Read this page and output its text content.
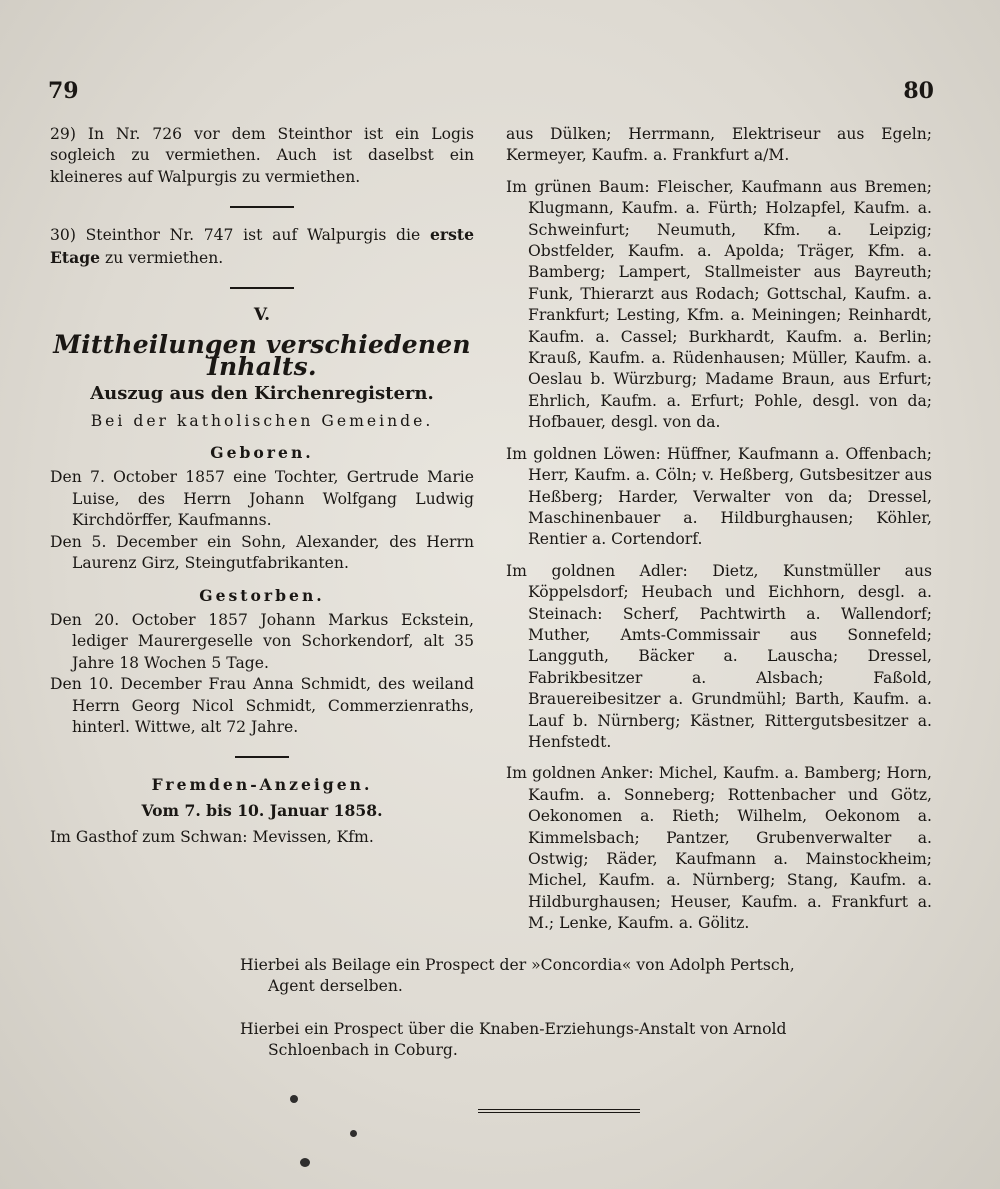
79	80

29) In Nr. 726 vor dem Steinthor ist ein Logis sogleich zu vermiethen. Auch ist daselbst ein kleineres auf Walpurgis zu vermiethen.

30) Steinthor Nr. 747 ist auf Walpurgis die erste Etage zu vermiethen.

V.

Mittheilungen verschiedenen Inhalts.

Auszug aus den Kirchenregistern.

Bei der katholischen Gemeinde.

Geboren.

Den 7. October 1857 eine Tochter, Gertrude Marie Luise, des Herrn Johann Wolfgang Ludwig Kirchdörffer, Kaufmanns.

Den 5. December ein Sohn, Alexander, des Herrn Laurenz Girz, Steingutfabrikanten.

Gestorben.

Den 20. October 1857 Johann Markus Eckstein, lediger Maurergeselle von Schorkendorf, alt 35 Jahre 18 Wochen 5 Tage.

Den 10. December Frau Anna Schmidt, des weiland Herrn Georg Nicol Schmidt, Commerzienraths, hinterl. Wittwe, alt 72 Jahre.

Fremden-Anzeigen.

Vom 7. bis 10. Januar 1858.

Im Gasthof zum Schwan: Mevissen, Kfm.

aus Dülken; Herrmann, Elektriseur aus Egeln; Kermeyer, Kaufm. a. Frankfurt a/M.

Im grünen Baum: Fleischer, Kaufmann aus Bremen; Klugmann, Kaufm. a. Fürth; Holzapfel, Kaufm. a. Schweinfurt; Neumuth, Kfm. a. Leipzig; Obstfelder, Kaufm. a. Apolda; Träger, Kfm. a. Bamberg; Lampert, Stallmeister aus Bayreuth; Funk, Thierarzt aus Rodach; Gottschal, Kaufm. a. Frankfurt; Lesting, Kfm. a. Meiningen; Reinhardt, Kaufm. a. Cassel; Burkhardt, Kaufm. a. Berlin; Krauß, Kaufm. a. Rüdenhausen; Müller, Kaufm. a. Oeslau b. Würzburg; Madame Braun, aus Erfurt; Ehrlich, Kaufm. a. Erfurt; Pohle, desgl. von da; Hofbauer, desgl. von da.

Im goldnen Löwen: Hüffner, Kaufmann a. Offenbach; Herr, Kaufm. a. Cöln; v. Heßberg, Gutsbesitzer aus Heßberg; Harder, Verwalter von da; Dressel, Maschinenbauer a. Hildburghausen; Köhler, Rentier a. Cortendorf.

Im goldnen Adler: Dietz, Kunstmüller aus Köppelsdorf; Heubach und Eichhorn, desgl. a. Steinach: Scherf, Pachtwirth a. Wallendorf; Muther, Amts-Commissair aus Sonnefeld; Langguth, Bäcker a. Lauscha; Dressel, Fabrikbesitzer a. Alsbach; Faßold, Brauereibesitzer a. Grundmühl; Barth, Kaufm. a. Lauf b. Nürnberg; Kästner, Rittergutsbesitzer a. Henfstedt.

Im goldnen Anker: Michel, Kaufm. a. Bamberg; Horn, Kaufm. a. Sonneberg; Rottenbacher und Götz, Oekonomen a. Rieth; Wilhelm, Oekonom a. Kimmelsbach; Pantzer, Grubenverwalter a. Ostwig; Räder, Kaufmann a. Mainstockheim; Michel, Kaufm. a. Nürnberg; Stang, Kaufm. a. Hildburghausen; Heuser, Kaufm. a. Frankfurt a. M.; Lenke, Kaufm. a. Gölitz.

Hierbei als Beilage ein Prospect der »Concordia« von Adolph Pertsch,

Agent derselben.

Hierbei ein Prospect über die Knaben-Erziehungs-Anstalt von Arnold

Schloenbach in Coburg.
